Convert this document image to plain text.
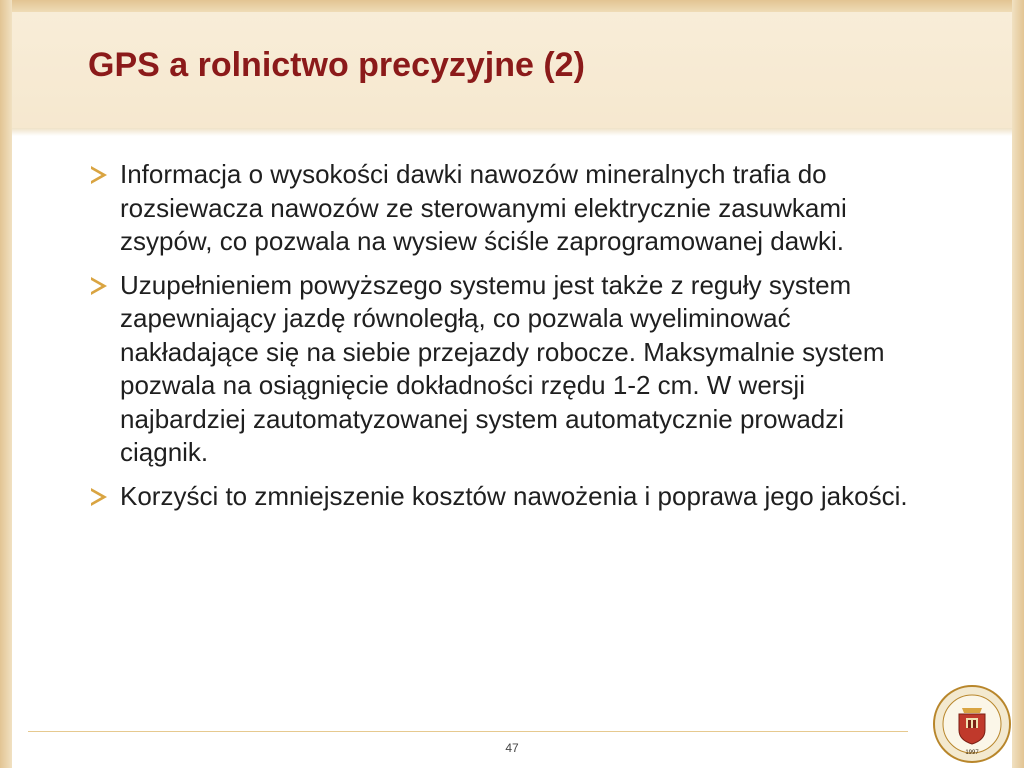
GPS a rolnictwo precyzyjne (2)
Informacja o wysokości dawki nawozów mineralnych trafia do rozsiewacza nawozów ze sterowanymi elektrycznie zasuwkami zsypów, co pozwala na wysiew ściśle zaprogramowanej dawki.
Uzupełnieniem powyższego systemu jest także z reguły system zapewniający jazdę równoległą, co pozwala wyeliminować nakładające się na siebie przejazdy robocze. Maksymalnie system pozwala na osiągnięcie dokładności rzędu 1-2 cm. W wersji najbardziej zautomatyzowanej system automatycznie prowadzi ciągnik.
Korzyści to zmniejszenie kosztów nawożenia i poprawa jego jakości.
47	1997
